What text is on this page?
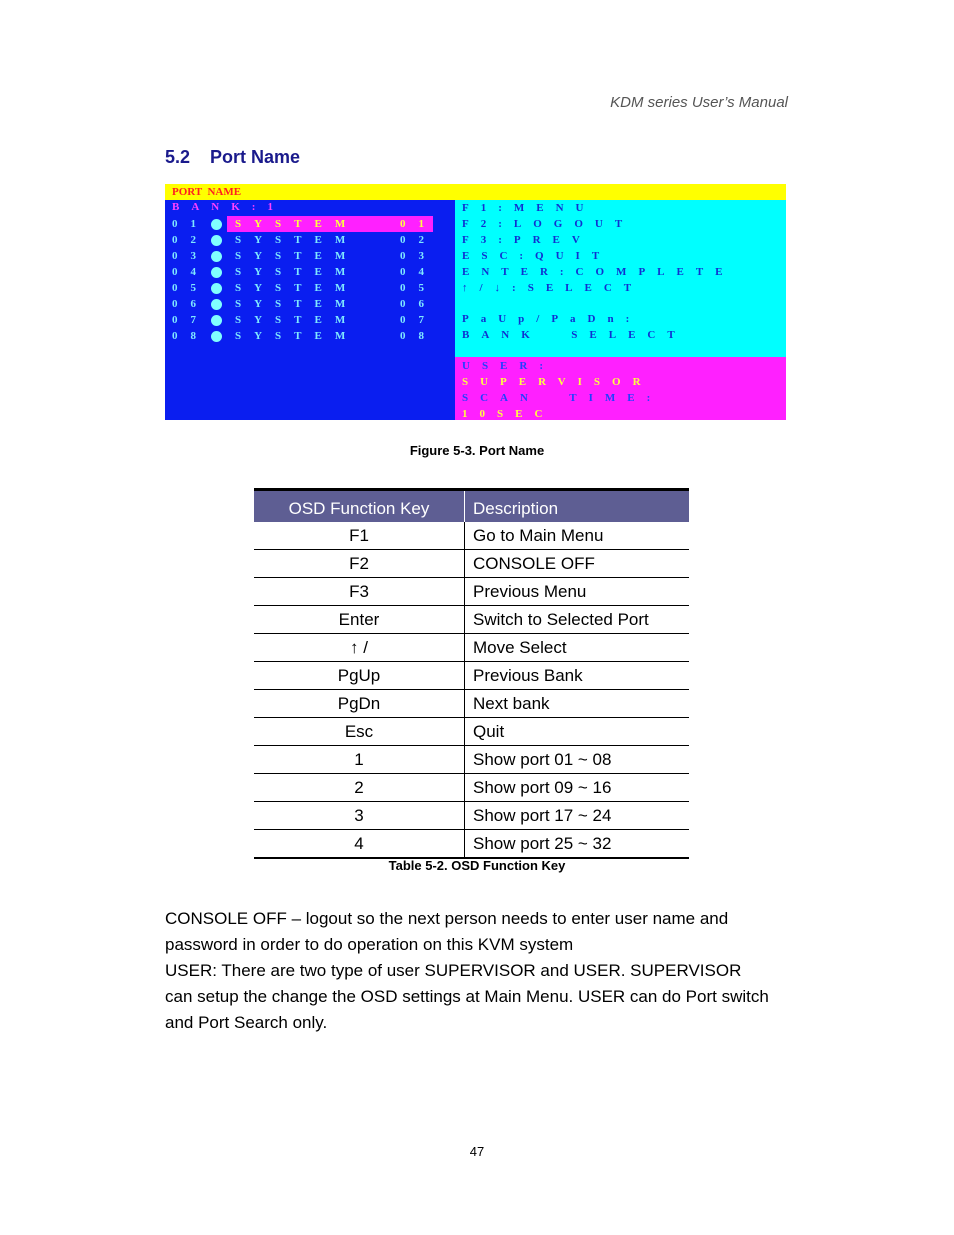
KDM series User’s Manual
5.2 Port Name
PORT  NAME
BANK:1
01 SYSTEM	01
02 SYSTEM	02
03 SYSTEM	03
04 SYSTEM	04
05 SYSTEM	05
06 SYSTEM	06
07 SYSTEM	07
08 SYSTEM	08
F1:MENU
F2:LOGOUT
F3:PREV
ESC:QUIT
ENTER:COMPLETE
↑/↓:SELECT
PaUp/PaDn:
BANK  SELECT
USER:
SUPERVISOR
SCAN  TIME:
10SEC
Figure 5-3. Port Name
OSD Function Key	Description
F1	Go to Main Menu
F2	CONSOLE OFF
F3	Previous Menu
Enter	Switch to Selected Port
↑ /	Move Select
PgUp	Previous Bank
PgDn	Next bank
Esc	Quit
1	Show port 01 ~ 08
2	Show port 09 ~ 16
3	Show port 17 ~ 24
4	Show port 25 ~ 32
Table 5-2. OSD Function Key
CONSOLE OFF – logout so the next person needs to enter user name and
password in order to do operation on this KVM system
USER: There are two type of user SUPERVISOR and USER. SUPERVISOR
can setup the change the OSD settings at Main Menu. USER can do Port switch
and Port Search only.
47
